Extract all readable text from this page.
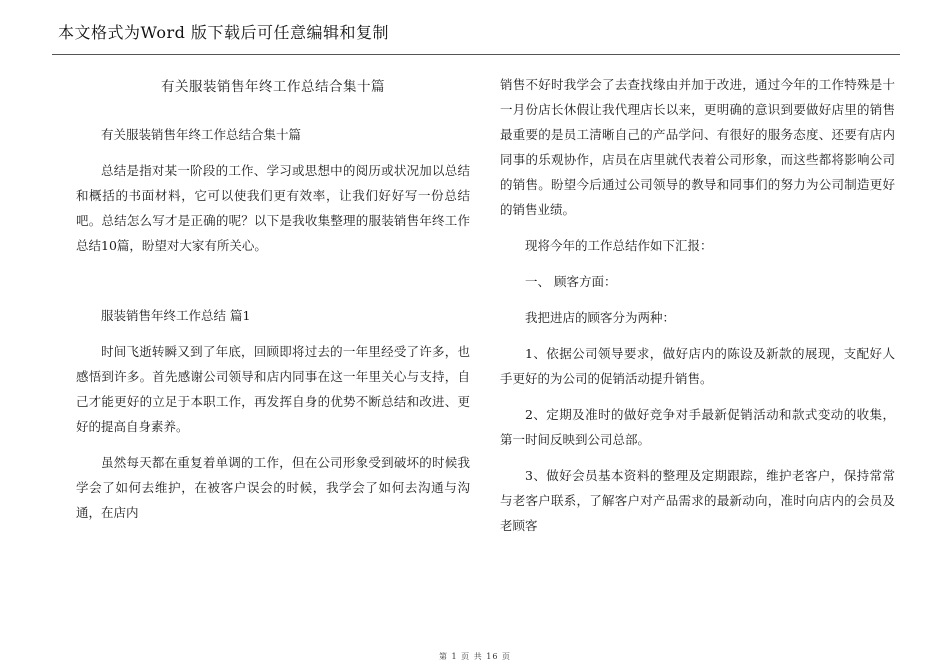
本文格式为Word 版下载后可任意编辑和复制
有关服装销售年终工作总结合集十篇

有关服装销售年终工作总结合集十篇

总结是指对某一阶段的工作、学习或思想中的阅历或状况加以总结和概括的书面材料，它可以使我们更有效率，让我们好好写一份总结吧。总结怎么写才是正确的呢？以下是我收集整理的服装销售年终工作总结10篇，盼望对大家有所关心。

服装销售年终工作总结 篇1

时间飞逝转瞬又到了年底，回顾即将过去的一年里经受了许多，也感悟到许多。首先感谢公司领导和店内同事在这一年里关心与支持，自己才能更好的立足于本职工作，再发挥自身的优势不断总结和改进、更好的提高自身素养。

虽然每天都在重复着单调的工作，但在公司形象受到破坏的时候我学会了如何去维护，在被客户误会的时候，我学会了如何去沟通与沟通，在店内

销售不好时我学会了去查找缘由并加于改进，通过今年的工作特殊是十一月份店长休假让我代理店长以来，更明确的意识到要做好店里的销售最重要的是员工清晰自己的产品学问、有很好的服务态度、还要有店内同事的乐观协作，店员在店里就代表着公司形象，而这些都将影响公司的销售。盼望今后通过公司领导的教导和同事们的努力为公司制造更好的销售业绩。

现将今年的工作总结作如下汇报：

一、 顾客方面：

我把进店的顾客分为两种：

1、依据公司领导要求，做好店内的陈设及新款的展现，支配好人手更好的为公司的促销活动提升销售。

2、定期及准时的做好竞争对手最新促销活动和款式变动的收集，第一时间反映到公司总部。

3、做好会员基本资料的整理及定期跟踪，维护老客户，保持常常与老客户联系，了解客户对产品需求的最新动向，准时向店内的会员及老顾客

第 1 页 共 16 页
